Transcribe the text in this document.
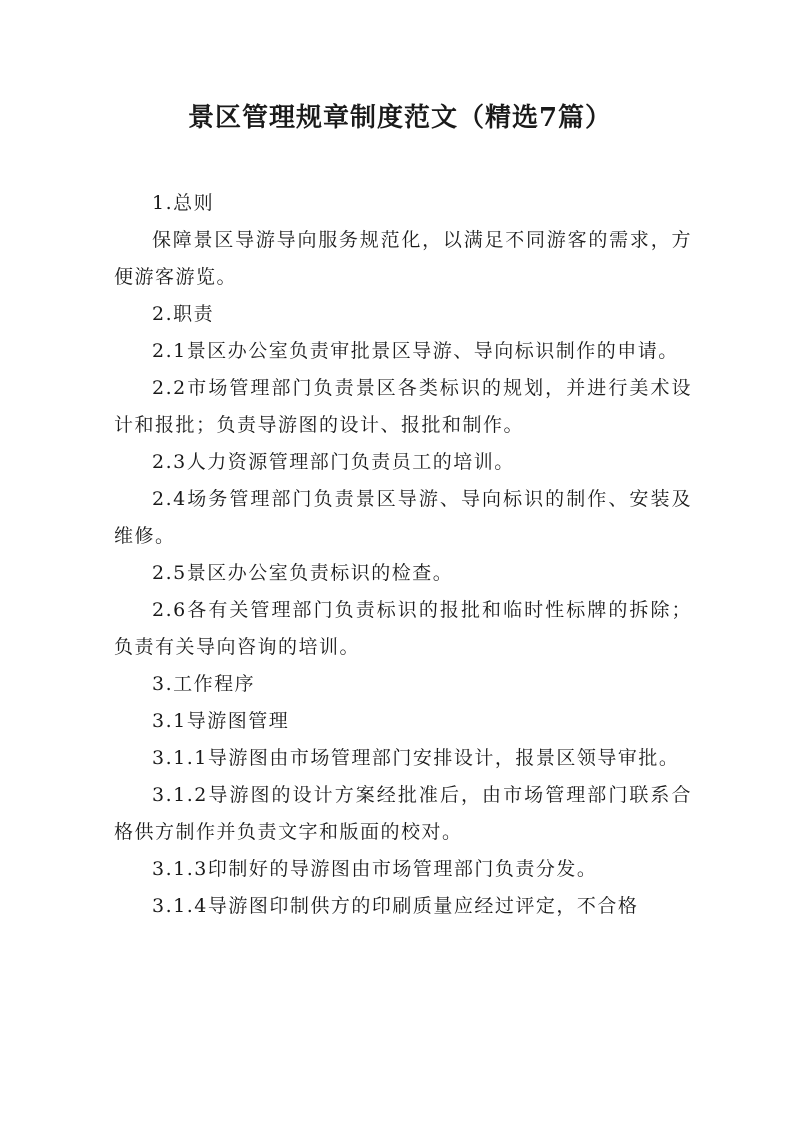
景区管理规章制度范文（精选7篇）

1.总则

保障景区导游导向服务规范化，以满足不同游客的需求，方便游客游览。

2.职责

2.1景区办公室负责审批景区导游、导向标识制作的申请。

2.2市场管理部门负责景区各类标识的规划，并进行美术设计和报批；负责导游图的设计、报批和制作。

2.3人力资源管理部门负责员工的培训。

2.4场务管理部门负责景区导游、导向标识的制作、安装及维修。

2.5景区办公室负责标识的检查。

2.6各有关管理部门负责标识的报批和临时性标牌的拆除；负责有关导向咨询的培训。

3.工作程序

3.1导游图管理

3.1.1导游图由市场管理部门安排设计，报景区领导审批。

3.1.2导游图的设计方案经批准后，由市场管理部门联系合格供方制作并负责文字和版面的校对。

3.1.3印制好的导游图由市场管理部门负责分发。

3.1.4导游图印制供方的印刷质量应经过评定，不合格
